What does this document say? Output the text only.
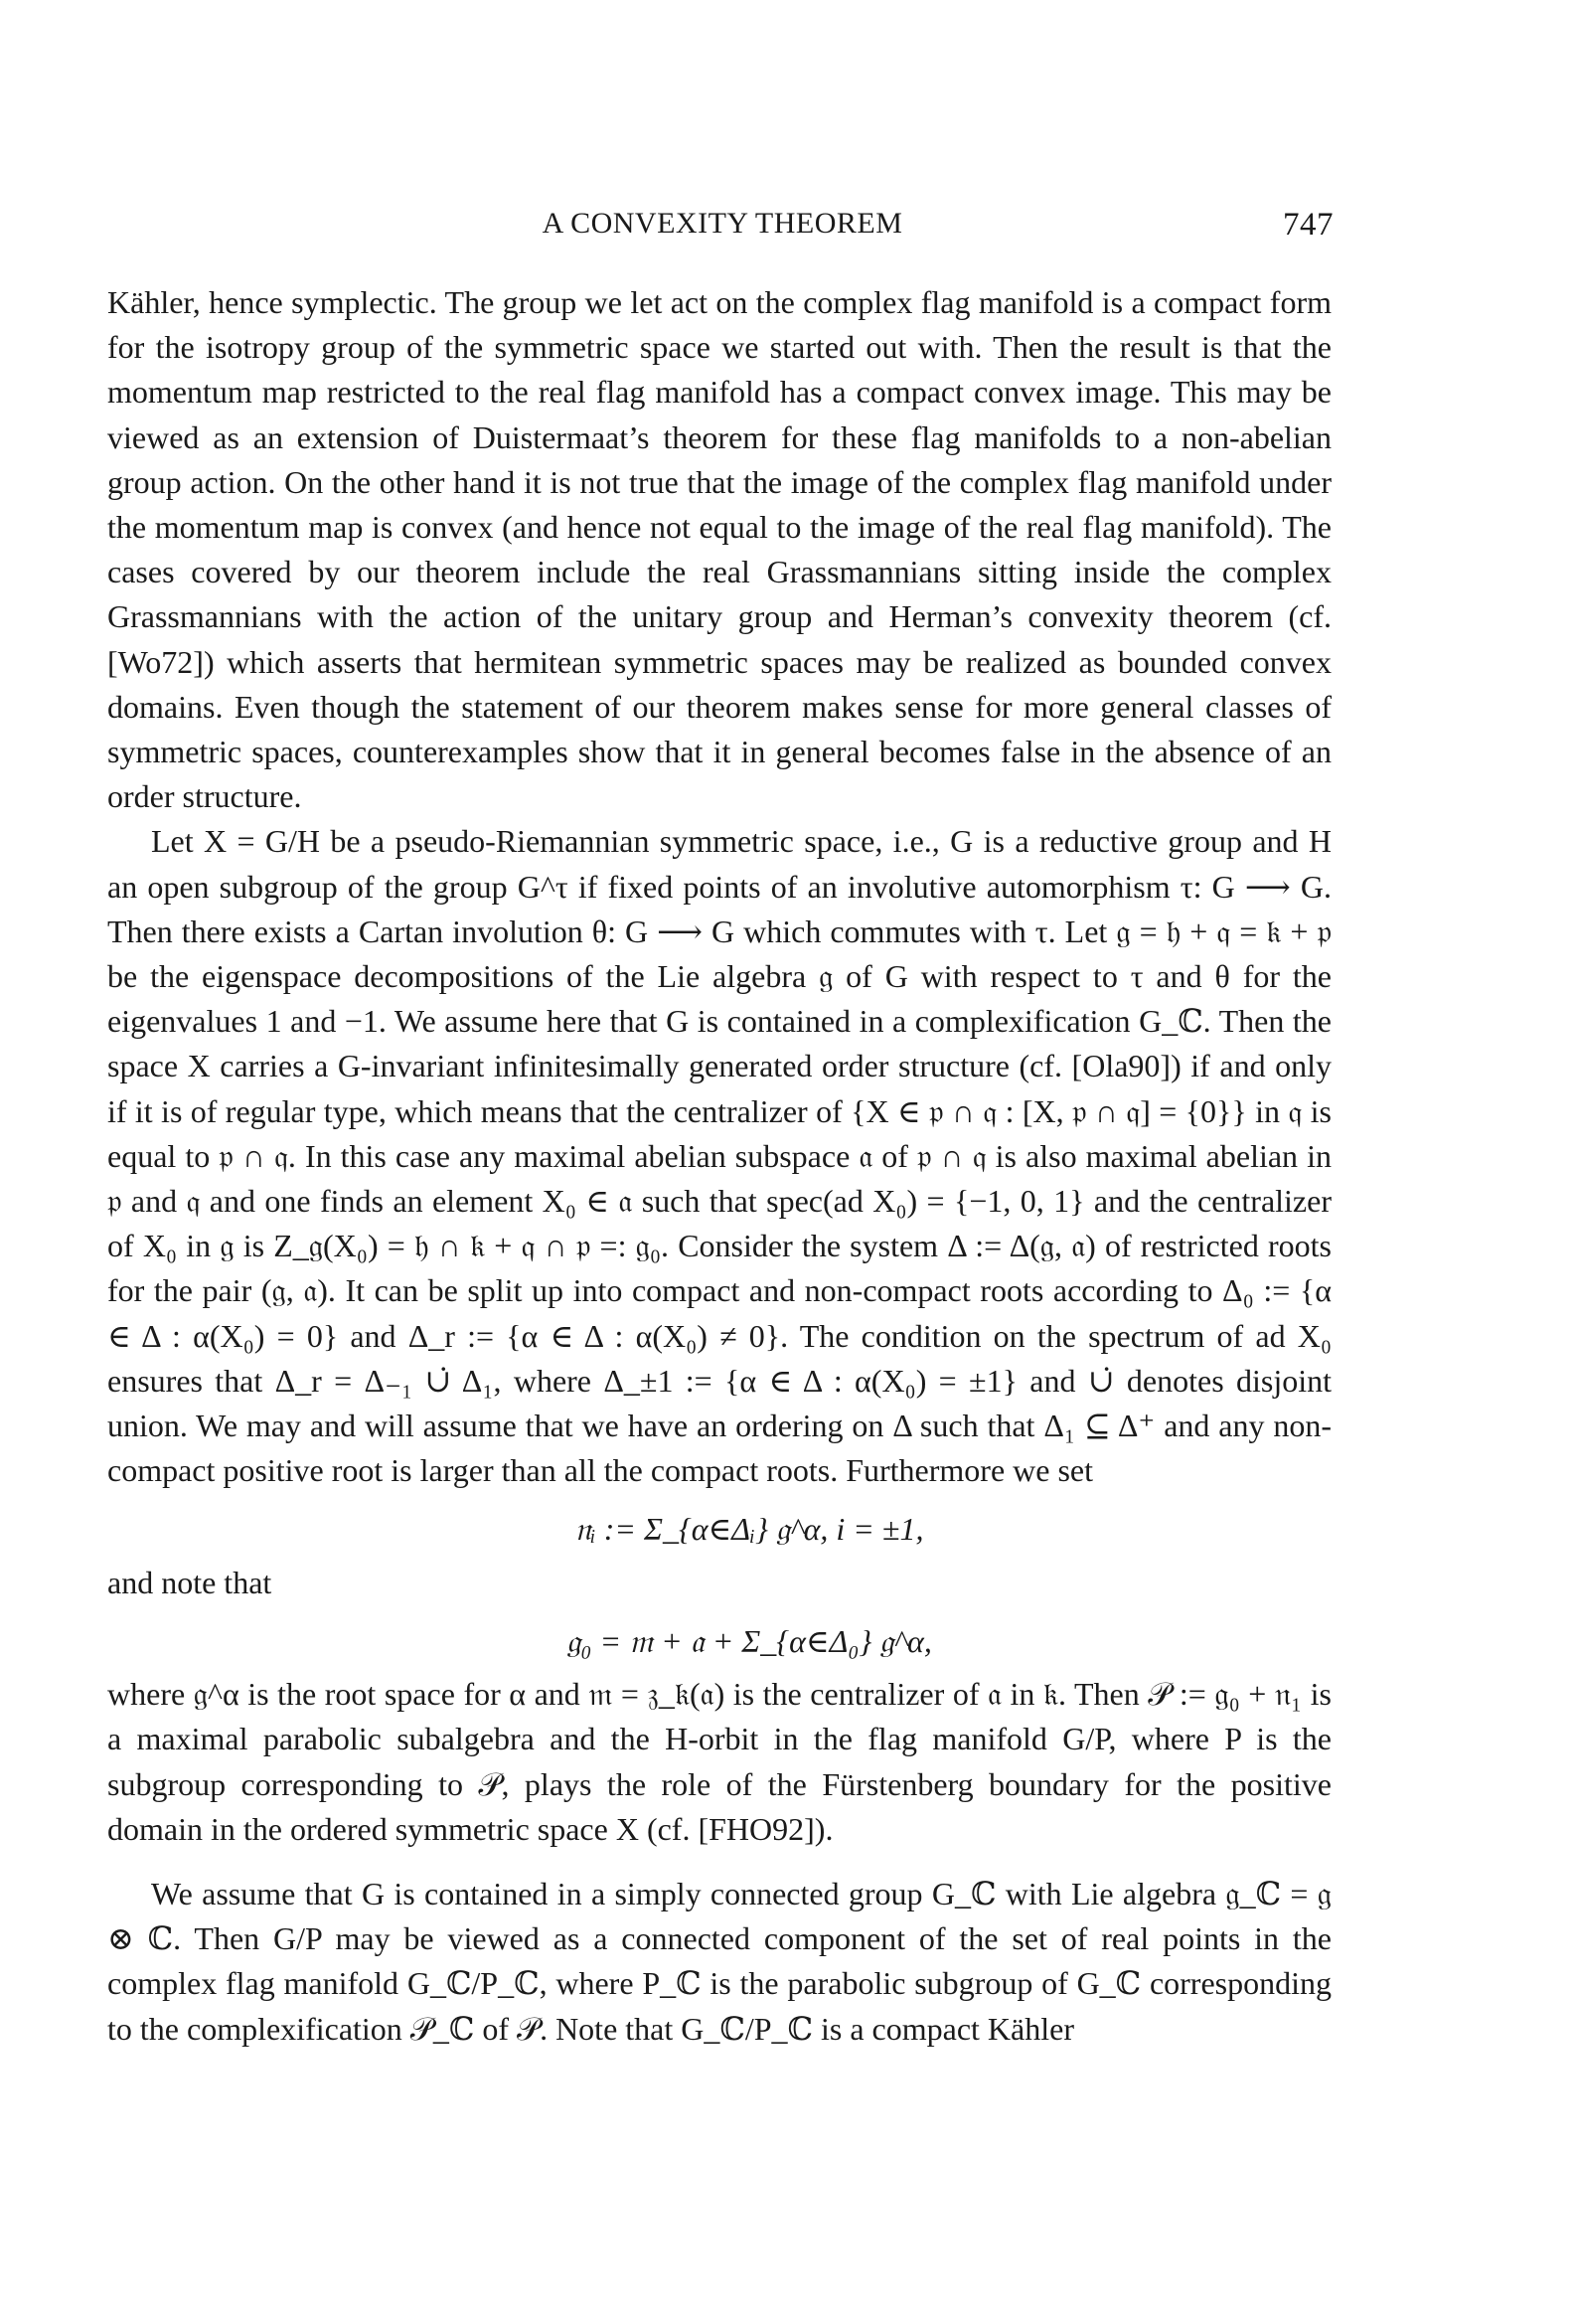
A CONVEXITY THEOREM	747

Kähler, hence symplectic. The group we let act on the complex flag manifold is a compact form for the isotropy group of the symmetric space we started out with. Then the result is that the momentum map restricted to the real flag manifold has a compact convex image. This may be viewed as an extension of Duistermaat’s theorem for these flag manifolds to a non-abelian group action. On the other hand it is not true that the image of the complex flag manifold under the momentum map is convex (and hence not equal to the image of the real flag manifold). The cases covered by our theorem include the real Grassmannians sitting inside the complex Grassmannians with the action of the unitary group and Herman’s convexity theorem (cf. [Wo72]) which asserts that hermitean symmetric spaces may be realized as bounded convex domains. Even though the statement of our theorem makes sense for more general classes of symmetric spaces, counterexamples show that it in general becomes false in the absence of an order structure.

Let X = G/H be a pseudo-Riemannian symmetric space, i.e., G is a reductive group and H an open subgroup of the group G^τ if fixed points of an involutive automorphism τ: G ⟶ G. Then there exists a Cartan involution θ: G ⟶ G which commutes with τ. Let 𝔤 = 𝔥 + 𝔮 = 𝔨 + 𝔭 be the eigenspace decompositions of the Lie algebra 𝔤 of G with respect to τ and θ for the eigenvalues 1 and −1. We assume here that G is contained in a complexification G_ℂ. Then the space X carries a G-invariant infinitesimally generated order structure (cf. [Ola90]) if and only if it is of regular type, which means that the centralizer of {X ∈ 𝔭 ∩ 𝔮 : [X, 𝔭 ∩ 𝔮] = {0}} in 𝔮 is equal to 𝔭 ∩ 𝔮. In this case any maximal abelian subspace 𝔞 of 𝔭 ∩ 𝔮 is also maximal abelian in 𝔭 and 𝔮 and one finds an element X₀ ∈ 𝔞 such that spec(ad X₀) = {−1, 0, 1} and the centralizer of X₀ in 𝔤 is Z_𝔤(X₀) = 𝔥 ∩ 𝔨 + 𝔮 ∩ 𝔭 =: 𝔤₀. Consider the system Δ := Δ(𝔤, 𝔞) of restricted roots for the pair (𝔤, 𝔞). It can be split up into compact and non-compact roots according to Δ₀ := {α ∈ Δ : α(X₀) = 0} and Δ_r := {α ∈ Δ : α(X₀) ≠ 0}. The condition on the spectrum of ad X₀ ensures that Δ_r = Δ₋₁ ∪̇ Δ₁, where Δ_±1 := {α ∈ Δ : α(X₀) = ±1} and ∪̇ denotes disjoint union. We may and will assume that we have an ordering on Δ such that Δ₁ ⊆ Δ⁺ and any non-compact positive root is larger than all the compact roots. Furthermore we set

𝔫ᵢ := Σ_{α∈Δᵢ} 𝔤^α, i = ±1,

and note that

𝔤₀ = 𝔪 + 𝔞 + Σ_{α∈Δ₀} 𝔤^α,

where 𝔤^α is the root space for α and 𝔪 = 𝔷_𝔨(𝔞) is the centralizer of 𝔞 in 𝔨. Then 𝒫 := 𝔤₀ + 𝔫₁ is a maximal parabolic subalgebra and the H-orbit in the flag manifold G/P, where P is the subgroup corresponding to 𝒫, plays the role of the Fürstenberg boundary for the positive domain in the ordered symmetric space X (cf. [FHO92]).

We assume that G is contained in a simply connected group G_ℂ with Lie algebra 𝔤_ℂ = 𝔤 ⊗ ℂ. Then G/P may be viewed as a connected component of the set of real points in the complex flag manifold G_ℂ/P_ℂ, where P_ℂ is the parabolic subgroup of G_ℂ corresponding to the complexification 𝒫_ℂ of 𝒫. Note that G_ℂ/P_ℂ is a compact Kähler
